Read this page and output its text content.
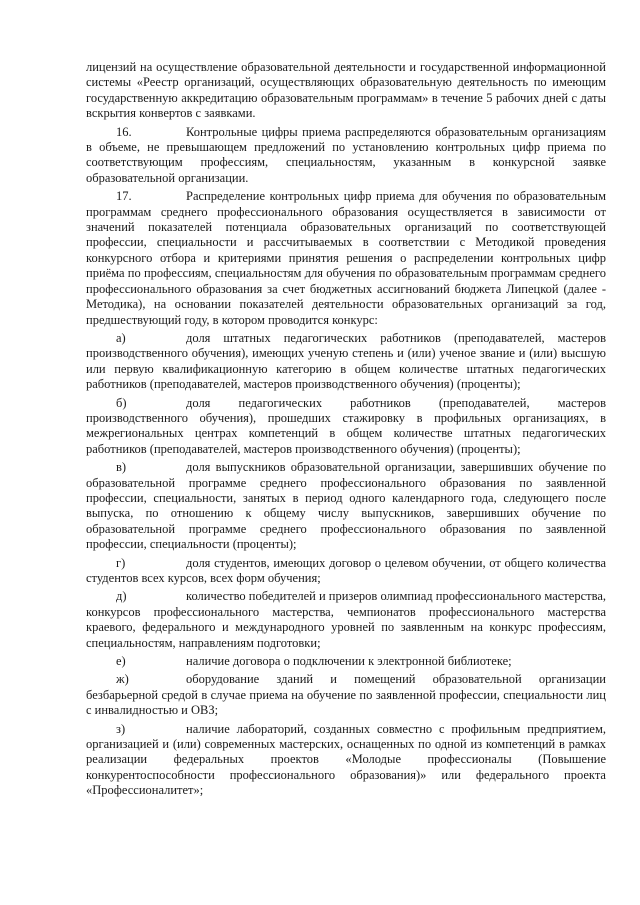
лицензий на осуществление образовательной деятельности и государственной информационной системы «Реестр организаций, осуществляющих образовательную деятельность по имеющим государственную аккредитацию образовательным программам» в течение 5 рабочих дней с даты вскрытия конвертов с заявками.

16.	Контрольные цифры приема распределяются образовательным организациям в объеме, не превышающем предложений по установлению контрольных цифр приема по соответствующим профессиям, специальностям, указанным в конкурсной заявке образовательной организации.

17.	Распределение контрольных цифр приема для обучения по образовательным программам среднего профессионального образования осуществляется в зависимости от значений показателей потенциала образовательных организаций по соответствующей профессии, специальности и рассчитываемых в соответствии с Методикой проведения конкурсного отбора и критериями принятия решения о распределении контрольных цифр приёма по профессиям, специальностям для обучения по образовательным программам среднего профессионального образования за счет бюджетных ассигнований бюджета Липецкой (далее - Методика), на основании показателей деятельности образовательных организаций за год, предшествующий году, в котором проводится конкурс:

а)	доля штатных педагогических работников (преподавателей, мастеров производственного обучения), имеющих ученую степень и (или) ученое звание и (или) высшую или первую квалификационную категорию в общем количестве штатных педагогических работников (преподавателей, мастеров производственного обучения) (проценты);

б)	доля педагогических работников (преподавателей, мастеров производственного обучения), прошедших стажировку в профильных организациях, в межрегиональных центрах компетенций в общем количестве штатных педагогических работников (преподавателей, мастеров производственного обучения) (проценты);

в)	доля выпускников образовательной организации, завершивших обучение по образовательной программе среднего профессионального образования по заявленной профессии, специальности, занятых в период одного календарного года, следующего после выпуска, по отношению к общему числу выпускников, завершивших обучение по образовательной программе среднего профессионального образования по заявленной профессии, специальности (проценты);

г)	доля студентов, имеющих договор о целевом обучении, от общего количества студентов всех курсов, всех форм обучения;

д)	количество победителей и призеров олимпиад профессионального мастерства, конкурсов профессионального мастерства, чемпионатов профессионального мастерства краевого, федерального и международного уровней по заявленным на конкурс профессиям, специальностям, направлениям подготовки;

е)	наличие договора о подключении к электронной библиотеке;

ж)	оборудование зданий и помещений образовательной организации безбарьерной средой в случае приема на обучение по заявленной профессии, специальности лиц с инвалидностью и ОВЗ;

з)	наличие лабораторий, созданных совместно с профильным предприятием, организацией и (или) современных мастерских, оснащенных по одной из компетенций в рамках реализации федеральных проектов «Молодые профессионалы (Повышение конкурентоспособности профессионального образования)» или федерального проекта «Профессионалитет»;
